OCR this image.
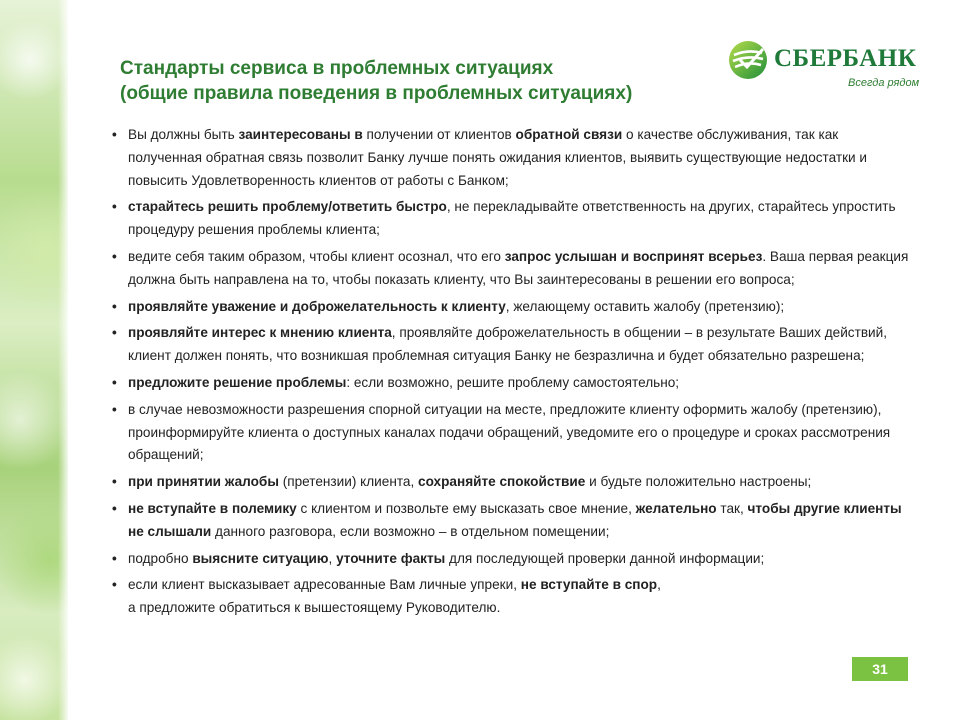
Стандарты сервиса в проблемных ситуациях
(общие правила поведения в проблемных ситуациях)
СБЕРБАНК
Всегда рядом
• Вы должны быть заинтересованы в получении от клиентов обратной связи о качестве обслуживания, так как полученная обратная связь позволит Банку лучше понять ожидания клиентов, выявить существующие недостатки и повысить Удовлетворенность клиентов от работы с Банком;
• старайтесь решить проблему/ответить быстро, не перекладывайте ответственность на других, старайтесь упростить процедуру решения проблемы клиента;
• ведите себя таким образом, чтобы клиент осознал, что его запрос услышан и воспринят всерьез. Ваша первая реакция должна быть направлена на то, чтобы показать клиенту, что Вы заинтересованы в решении его вопроса;
• проявляйте уважение и доброжелательность к клиенту, желающему оставить жалобу (претензию);
• проявляйте интерес к мнению клиента, проявляйте доброжелательность в общении – в результате Ваших действий, клиент должен понять, что возникшая проблемная ситуация Банку не безразлична и будет обязательно разрешена;
• предложите решение проблемы: если возможно, решите проблему самостоятельно;
• в случае невозможности разрешения спорной ситуации на месте, предложите клиенту оформить жалобу (претензию), проинформируйте клиента о доступных каналах подачи обращений, уведомите его о процедуре и сроках рассмотрения обращений;
• при принятии жалобы (претензии) клиента, сохраняйте спокойствие и будьте положительно настроены;
• не вступайте в полемику с клиентом и позвольте ему высказать свое мнение, желательно так, чтобы другие клиенты не слышали данного разговора, если возможно – в отдельном помещении;
• подробно выясните ситуацию, уточните факты для последующей проверки данной информации;
• если клиент высказывает адресованные Вам личные упреки, не вступайте в спор,
а предложите обратиться к вышестоящему Руководителю.
31
